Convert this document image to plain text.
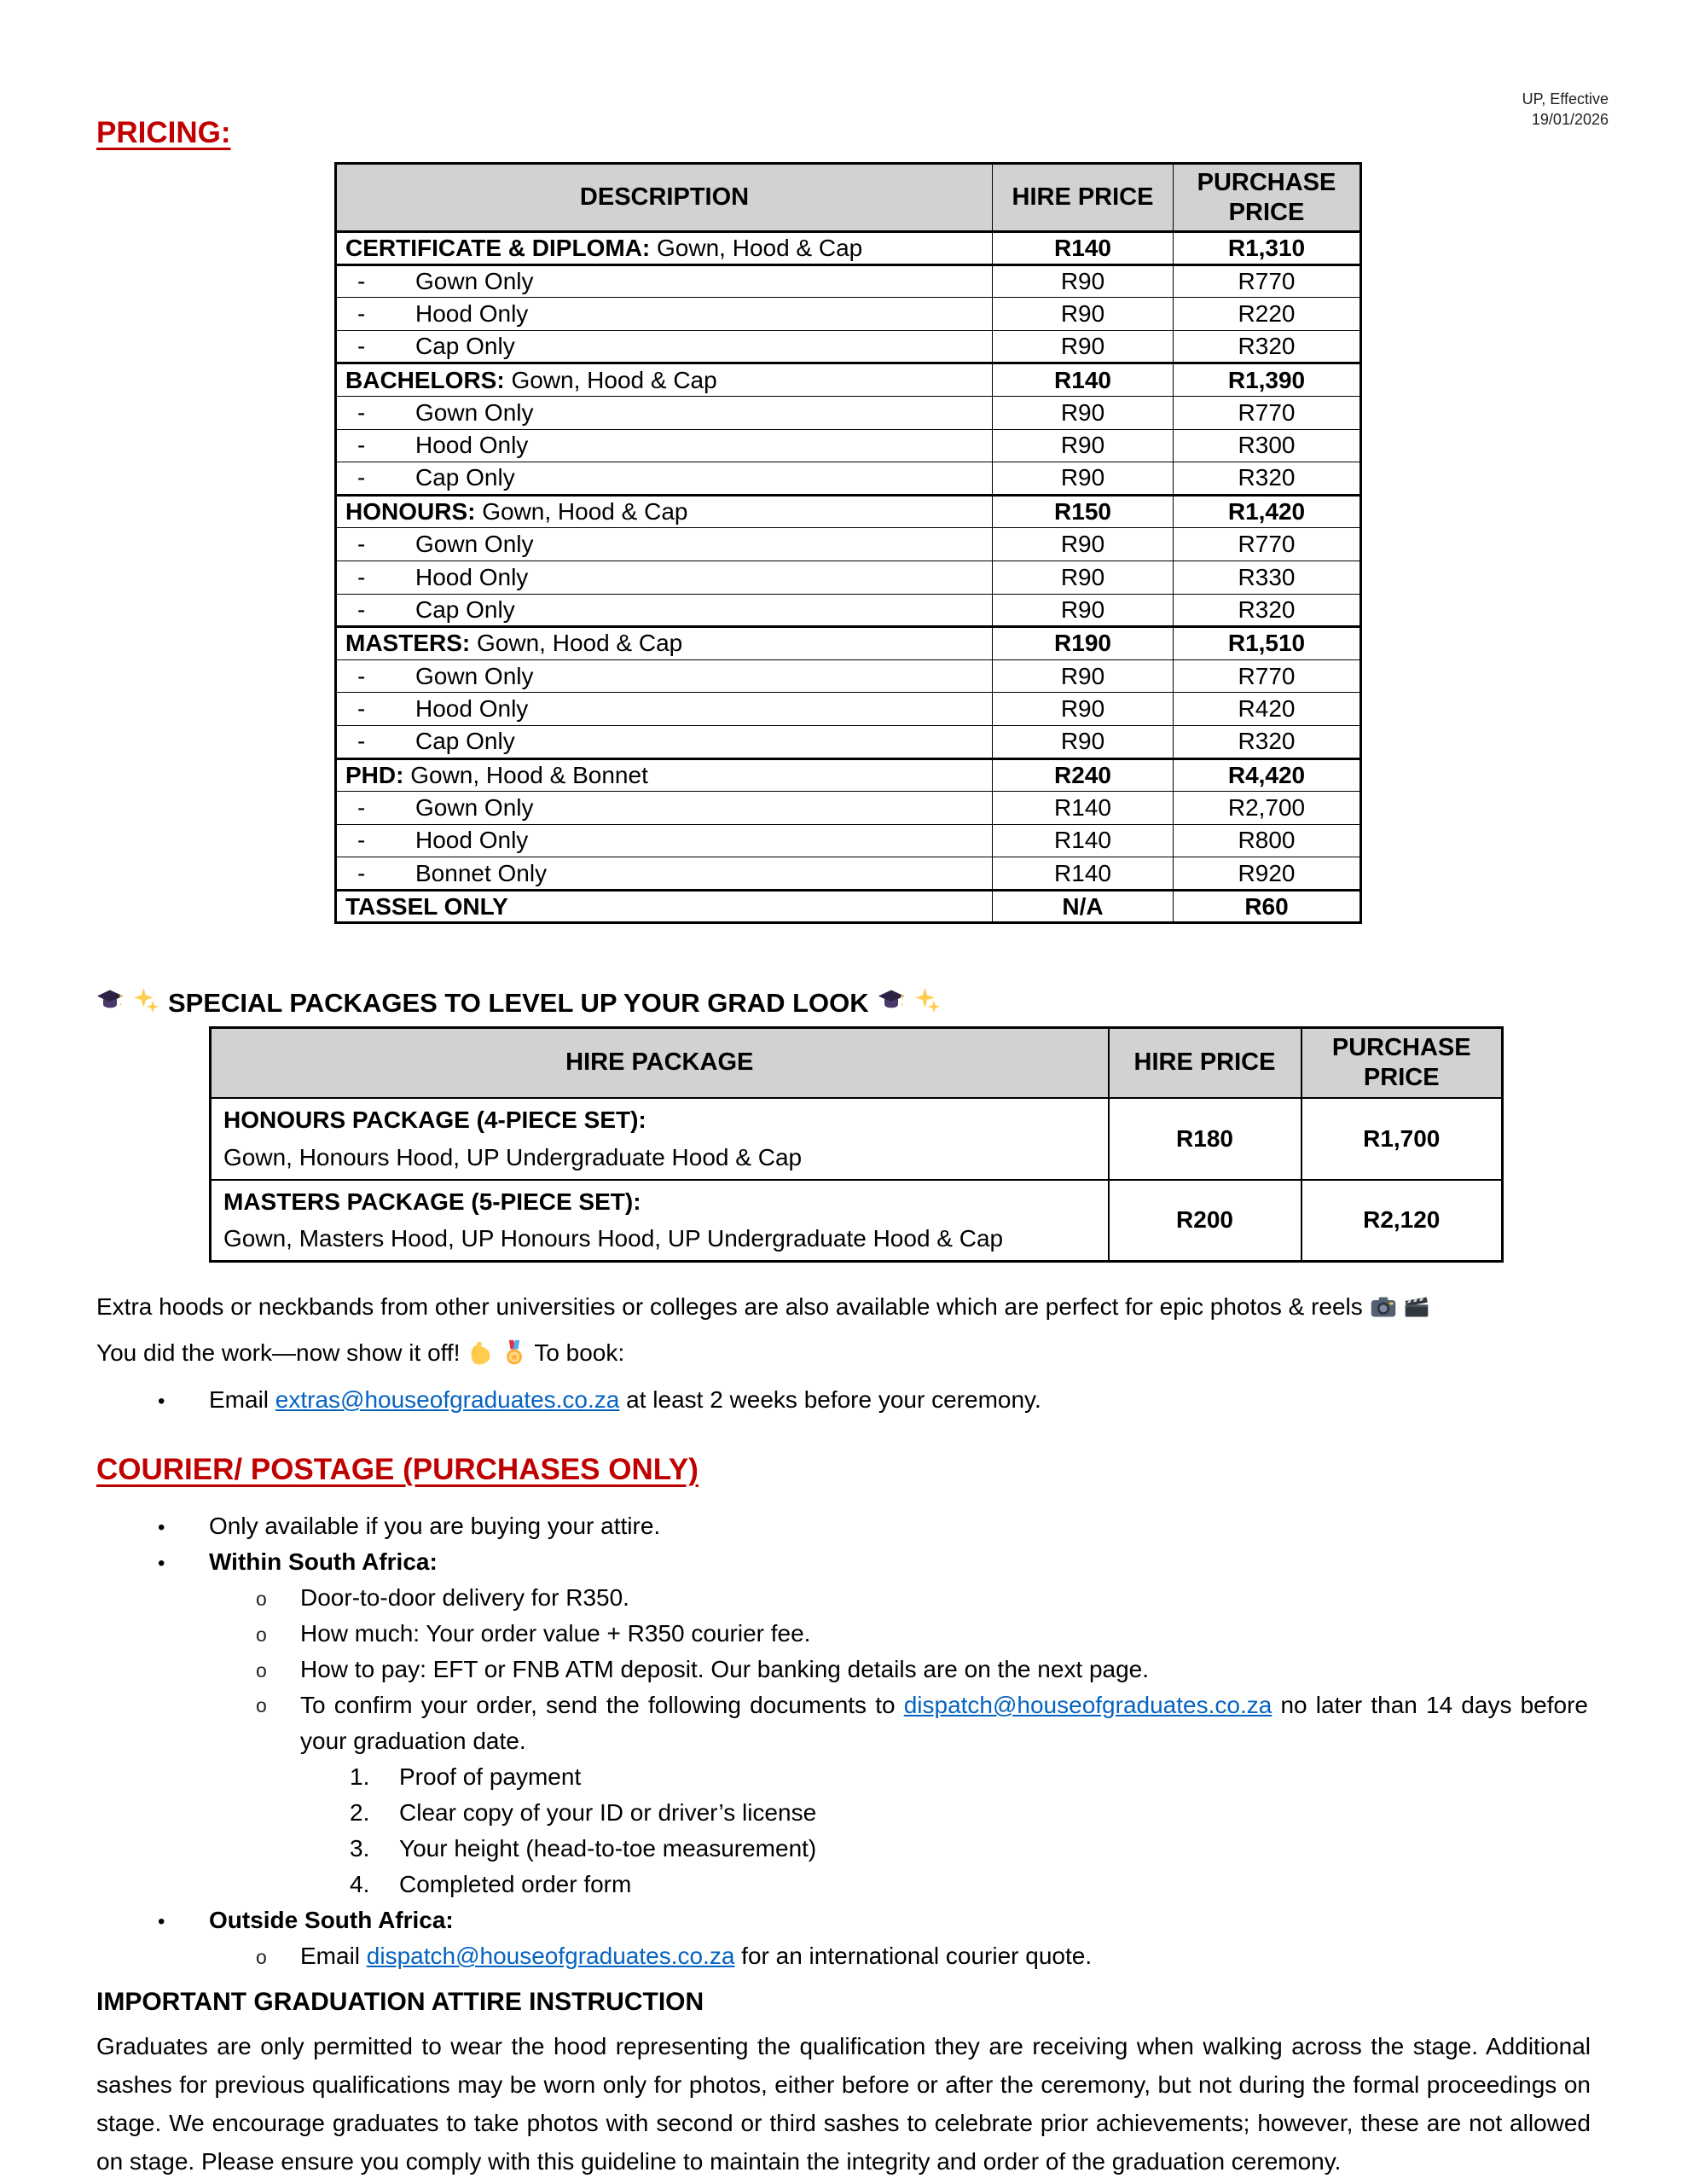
UP, Effective
19/01/2026
PRICING:
DESCRIPTION	HIRE PRICE	PURCHASE PRICE
CERTIFICATE & DIPLOMA: Gown, Hood & Cap	R140	R1,310
- Gown Only	R90	R770
- Hood Only	R90	R220
- Cap Only	R90	R320
BACHELORS: Gown, Hood & Cap	R140	R1,390
- Gown Only	R90	R770
- Hood Only	R90	R300
- Cap Only	R90	R320
HONOURS: Gown, Hood & Cap	R150	R1,420
- Gown Only	R90	R770
- Hood Only	R90	R330
- Cap Only	R90	R320
MASTERS: Gown, Hood & Cap	R190	R1,510
- Gown Only	R90	R770
- Hood Only	R90	R420
- Cap Only	R90	R320
PHD: Gown, Hood & Bonnet	R240	R4,420
- Gown Only	R140	R2,700
- Hood Only	R140	R800
- Bonnet Only	R140	R920
TASSEL ONLY	N/A	R60
SPECIAL PACKAGES TO LEVEL UP YOUR GRAD LOOK
HIRE PACKAGE	HIRE PRICE	PURCHASE PRICE

HONOURS PACKAGE (4-PIECE SET):
Gown, Honours Hood, UP Undergraduate Hood & Cap	R180	R1,700

MASTERS PACKAGE (5-PIECE SET):
Gown, Masters Hood, UP Honours Hood, UP Undergraduate Hood & Cap	R200	R2,120

Extra hoods or neckbands from other universities or colleges are also available which are perfect for epic photos & reels

You did the work—now show it off!	To book:

• Email extras@houseofgraduates.co.za at least 2 weeks before your ceremony.
COURIER/ POSTAGE (PURCHASES ONLY)
• Only available if you are buying your attire.
• Within South Africa:
o Door-to-door delivery for R350.
o How much: Your order value + R350 courier fee.
o How to pay: EFT or FNB ATM deposit. Our banking details are on the next page.
o To confirm your order, send the following documents to dispatch@houseofgraduates.co.za no later than 14 days before your graduation date.
1. Proof of payment
2. Clear copy of your ID or driver’s license
3. Your height (head-to-toe measurement)
4. Completed order form
• Outside South Africa:
o Email dispatch@houseofgraduates.co.za for an international courier quote.
IMPORTANT GRADUATION ATTIRE INSTRUCTION

Graduates are only permitted to wear the hood representing the qualification they are receiving when walking across the stage. Additional sashes for previous qualifications may be worn only for photos, either before or after the ceremony, but not during the formal proceedings on stage. We encourage graduates to take photos with second or third sashes to celebrate prior achievements; however, these are not allowed on stage. Please ensure you comply with this guideline to maintain the integrity and order of the graduation ceremony.
